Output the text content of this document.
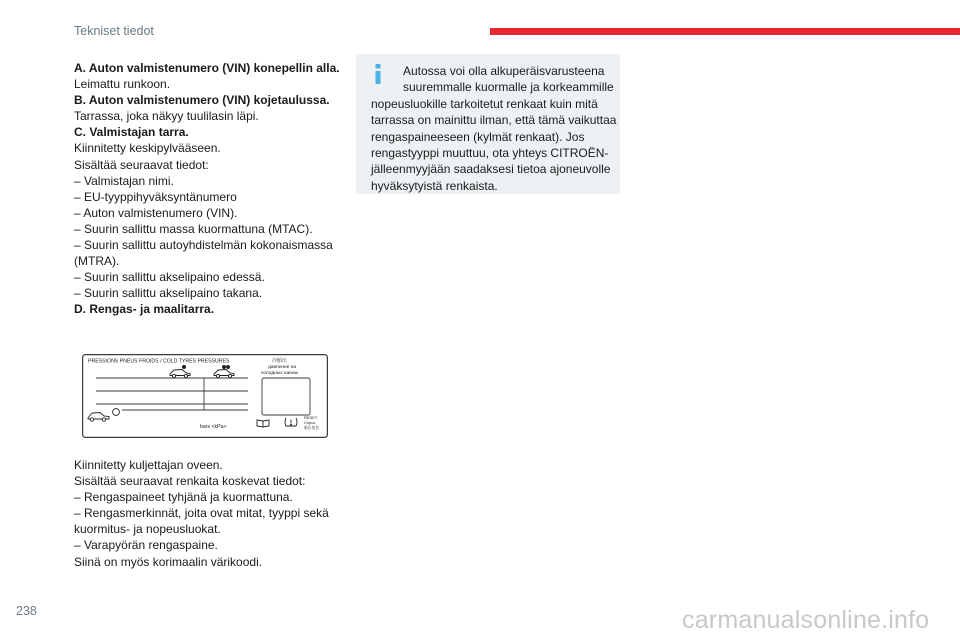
Tekniset tiedot

A. Auton valmistenumero (VIN) konepellin alla.

Leimattu runkoon.

B. Auton valmistenumero (VIN) kojetaulussa.

Tarrassa, joka näkyy tuulilasin läpi.

C. Valmistajan tarra.

Kiinnitetty keskipylvääseen.

Sisältää seuraavat tiedot:

– Valmistajan nimi.

– EU-tyyppihyväksyntänumero

– Auton valmistenumero (VIN).

– Suurin sallittu massa kuormattuna (MTAC).

– Suurin sallittu autoyhdistelmän kokonaismassa (MTRA).

– Suurin sallittu akselipaino edessä.

– Suurin sallittu akselipaino takana.

D. Rengas- ja maalitarra.

PRESSIONS PNEUS FROIDS / COLD TYRES PRESSURES	冷胎压
давление на
холодных шинах
bars <kPa>
RESET
Спрос
胎压复位

Kiinnitetty kuljettajan oveen.

Sisältää seuraavat renkaita koskevat tiedot:

– Rengaspaineet tyhjänä ja kuormattuna.

– Rengasmerkinnät, joita ovat mitat, tyyppi sekä kuormitus- ja nopeusluokat.

– Varapyörän rengaspaine.

Siinä on myös korimaalin värikoodi.

Autossa voi olla alkuperäisvarusteena suuremmalle kuormalle ja korkeammille

nopeusluokille tarkoitetut renkaat kuin mitä tarrassa on mainittu ilman, että tämä vaikuttaa rengaspaineeseen (kylmät renkaat). Jos rengastyyppi muuttuu, ota yhteys CITROËN-jälleenmyyjään saadaksesi tietoa ajoneuvolle hyväksytyistä renkaista.

238	carmanualsonline.info
